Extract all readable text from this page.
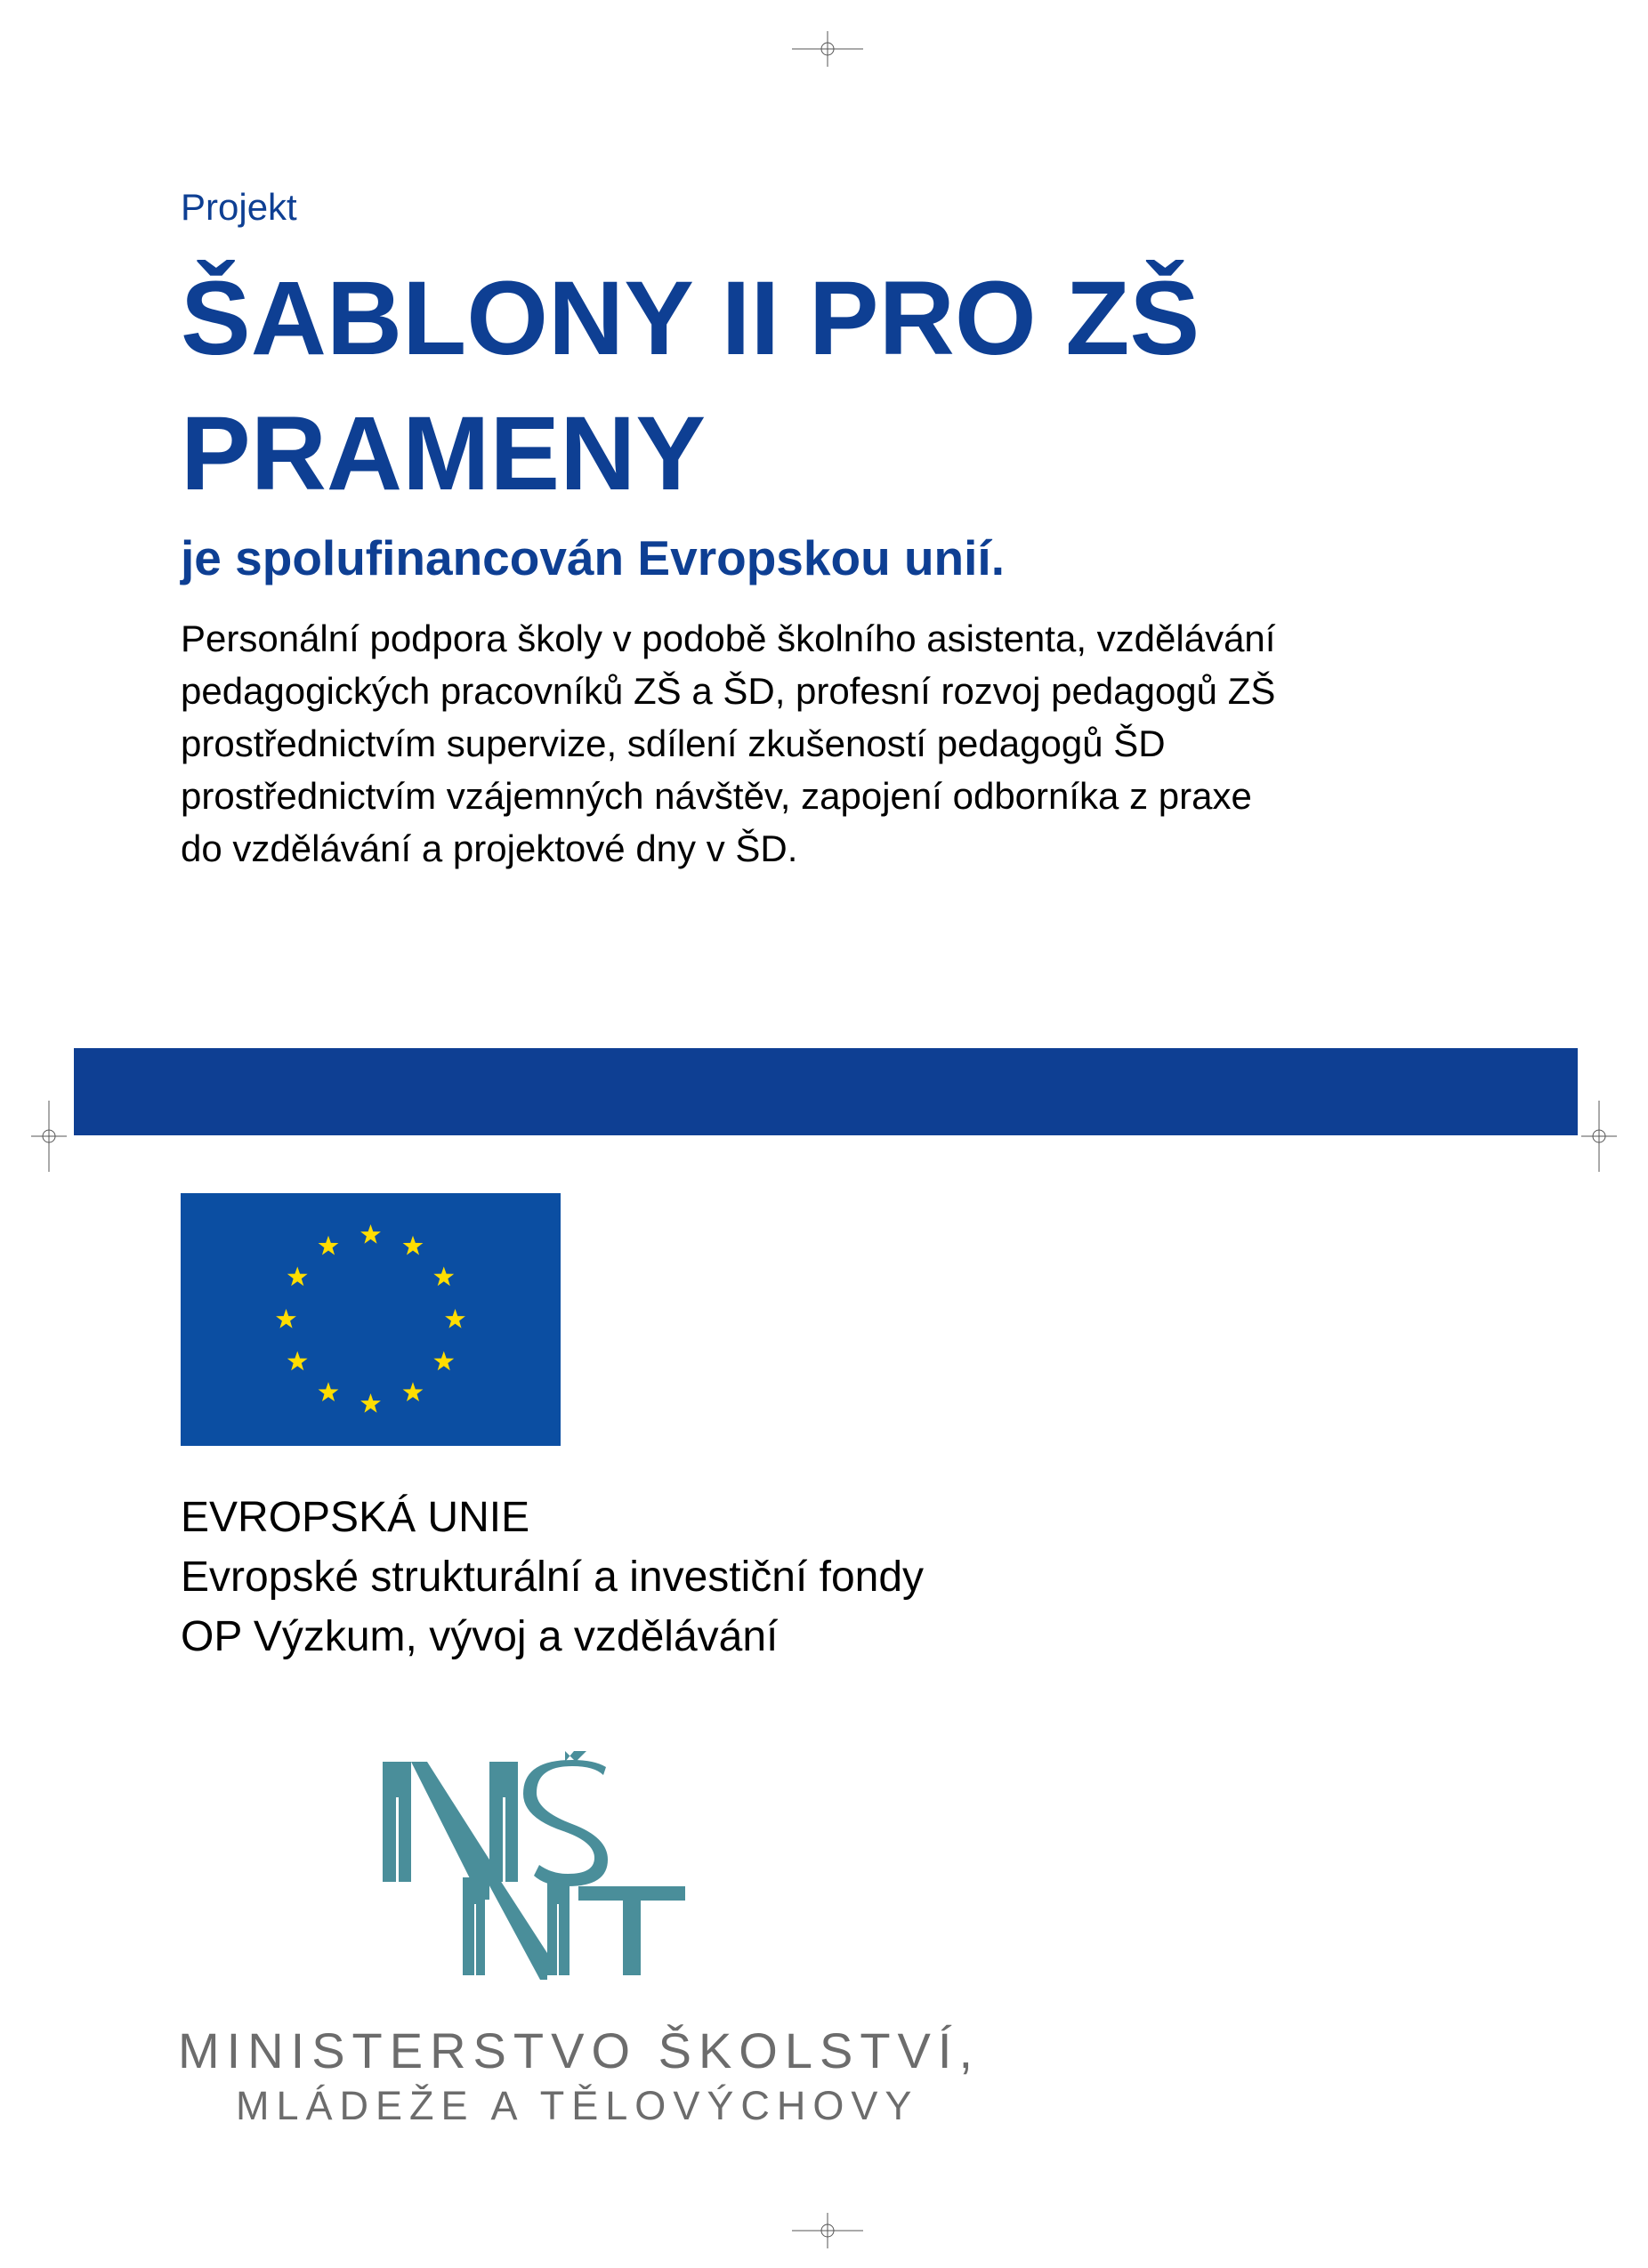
Projekt
ŠABLONY II PRO ZŠ
PRAMENY
je spolufinancován Evropskou unií.
Personální podpora školy v podobě školního asistenta, vzdělávání
pedagogických pracovníků ZŠ a ŠD, profesní rozvoj pedagogů ZŠ
prostřednictvím supervize, sdílení zkušeností pedagogů ŠD
prostřednictvím vzájemných návštěv, zapojení odborníka z praxe
do vzdělávání a projektové dny v ŠD.
EVROPSKÁ UNIE
Evropské strukturální a investiční fondy
OP Výzkum, vývoj a vzdělávání
MINISTERSTVO ŠKOLSTVÍ,
MLÁDEŽE A TĚLOVÝCHOVY
